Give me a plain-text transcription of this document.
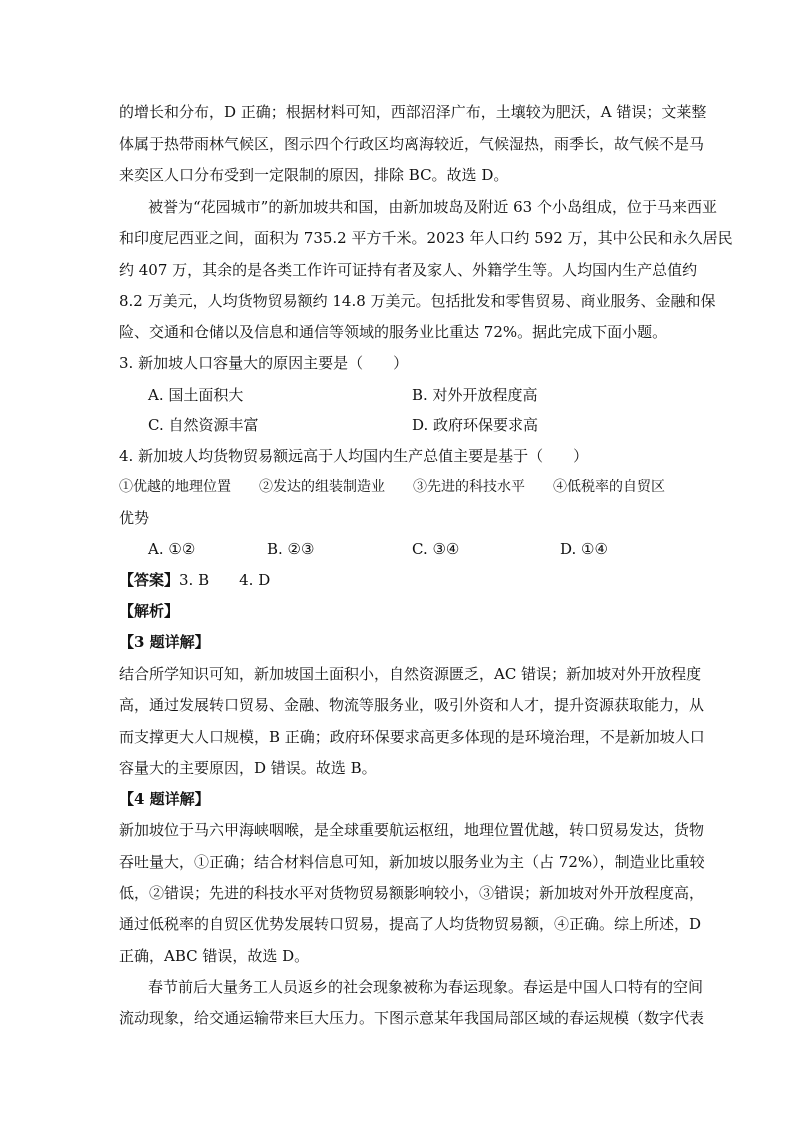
的增长和分布，D 正确；根据材料可知，西部沼泽广布，土壤较为肥沃，A 错误；文莱整
体属于热带雨林气候区，图示四个行政区均离海较近，气候湿热，雨季长，故气候不是马
来奕区人口分布受到一定限制的原因，排除 BC。故选 D。
被誉为“花园城市”的新加坡共和国，由新加坡岛及附近 63 个小岛组成，位于马来西亚
和印度尼西亚之间，面积为 735.2 平方千米。2023 年人口约 592 万，其中公民和永久居民
约 407 万，其余的是各类工作许可证持有者及家人、外籍学生等。人均国内生产总值约
8.2 万美元，人均货物贸易额约 14.8 万美元。包括批发和零售贸易、商业服务、金融和保
险、交通和仓储以及信息和通信等领域的服务业比重达 72%。据此完成下面小题。
3. 新加坡人口容量大的原因主要是（　　）
A. 国土面积大	B. 对外开放程度高
C. 自然资源丰富	D. 政府环保要求高
4. 新加坡人均货物贸易额远高于人均国内生产总值主要是基于（　　）
①优越的地理位置　　②发达的组装制造业　　③先进的科技水平　　④低税率的自贸区
优势
A. ①②	B. ②③	C. ③④	D. ①④
【答案】3. B　　4. D
【解析】
【3 题详解】
结合所学知识可知，新加坡国土面积小，自然资源匮乏，AC 错误；新加坡对外开放程度
高，通过发展转口贸易、金融、物流等服务业，吸引外资和人才，提升资源获取能力，从
而支撑更大人口规模，B 正确；政府环保要求高更多体现的是环境治理，不是新加坡人口
容量大的主要原因，D 错误。故选 B。
【4 题详解】
新加坡位于马六甲海峡咽喉，是全球重要航运枢纽，地理位置优越，转口贸易发达，货物
吞吐量大，①正确；结合材料信息可知，新加坡以服务业为主（占 72%），制造业比重较
低，②错误；先进的科技水平对货物贸易额影响较小，③错误；新加坡对外开放程度高，
通过低税率的自贸区优势发展转口贸易，提高了人均货物贸易额，④正确。综上所述，D
正确，ABC 错误，故选 D。
春节前后大量务工人员返乡的社会现象被称为春运现象。春运是中国人口特有的空间
流动现象，给交通运输带来巨大压力。下图示意某年我国局部区域的春运规模（数字代表
